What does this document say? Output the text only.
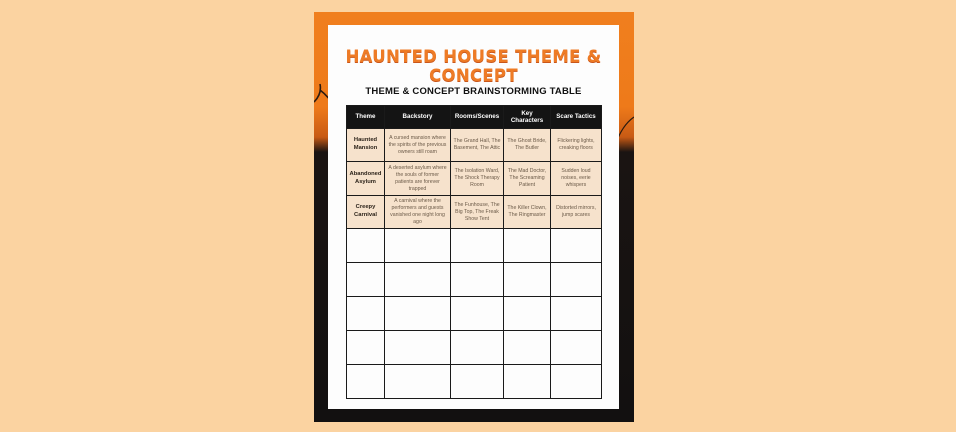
HAUNTED HOUSE THEME & CONCEPT
THEME & CONCEPT BRAINSTORMING TABLE
Theme	Backstory	Rooms/Scenes	Key Characters	Scare Tactics
Haunted Mansion	A cursed mansion where the spirits of the previous owners still roam	The Grand Hall, The Basement, The Attic	The Ghost Bride, The Butler	Flickering lights, creaking floors
Abandoned Asylum	A deserted asylum where the souls of former patients are forever trapped	The Isolation Ward, The Shock Therapy Room	The Mad Doctor, The Screaming Patient	Sudden loud noises, eerie whispers
Creepy Carnival	A carnival where the performers and guests vanished one night long ago	The Funhouse, The Big Top, The Freak Show Tent	The Killer Clown, The Ringmaster	Distorted mirrors, jump scares
